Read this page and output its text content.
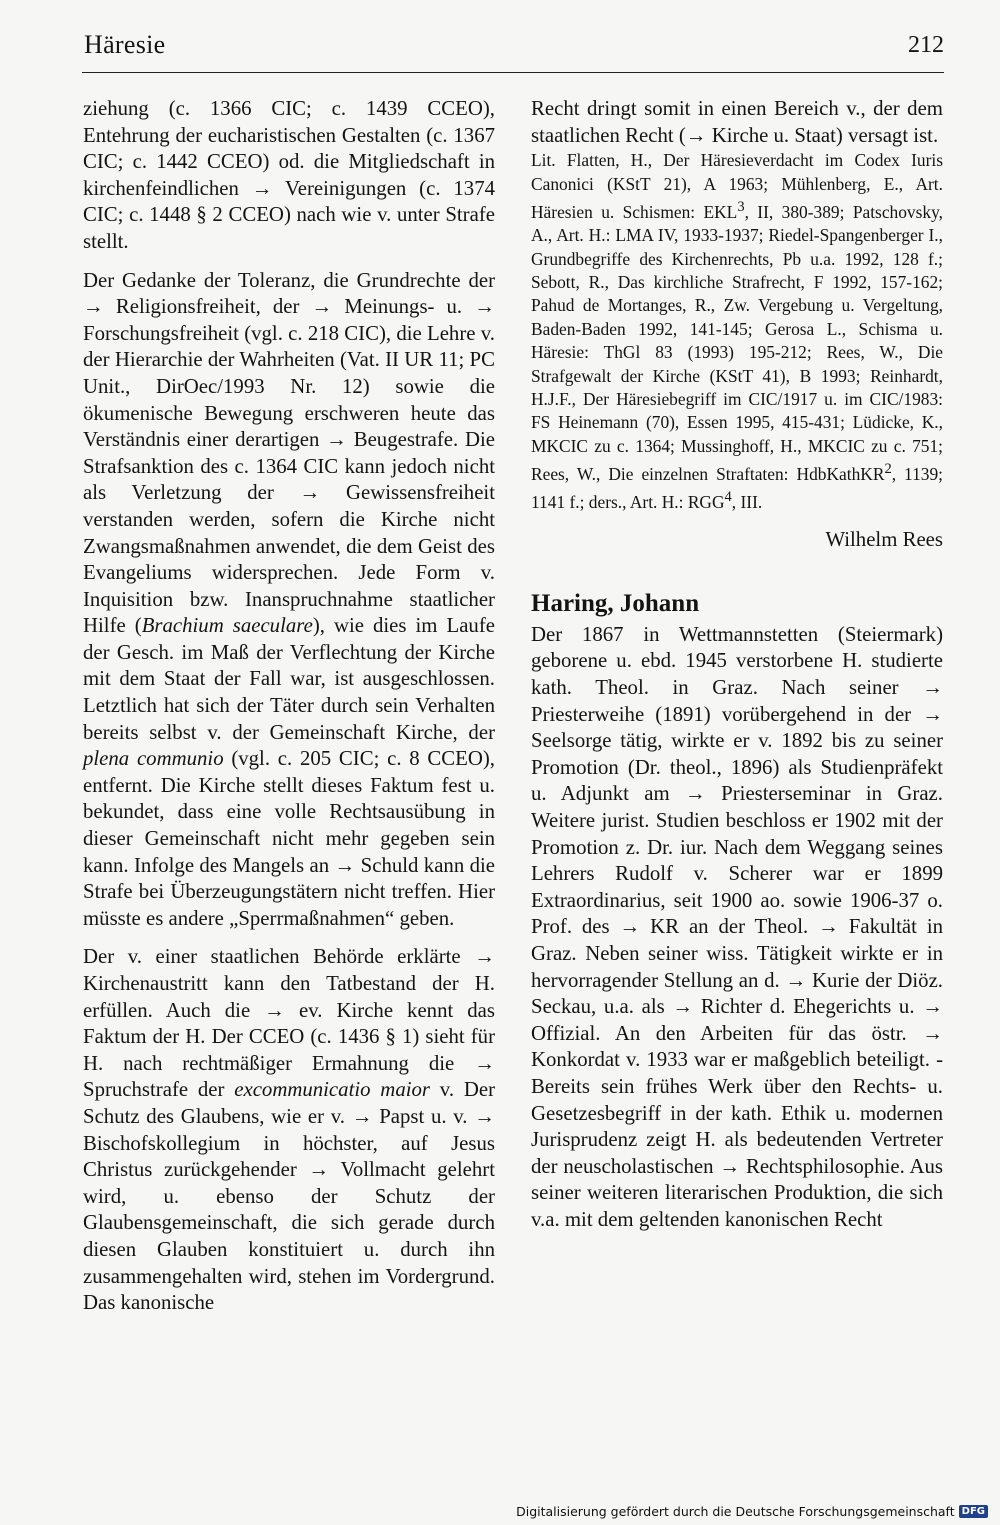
Häresie	212

ziehung (c. 1366 CIC; c. 1439 CCEO), Entehrung der eucharistischen Gestalten (c. 1367 CIC; c. 1442 CCEO) od. die Mitgliedschaft in kirchenfeindlichen → Vereinigungen (c. 1374 CIC; c. 1448 § 2 CCEO) nach wie v. unter Strafe stellt.

Der Gedanke der Toleranz, die Grundrechte der → Religionsfreiheit, der → Meinungs- u. → Forschungsfreiheit (vgl. c. 218 CIC), die Lehre v. der Hierarchie der Wahrheiten (Vat. II UR 11; PC Unit., DirOec/1993 Nr. 12) sowie die ökumenische Bewegung erschweren heute das Verständnis einer derartigen → Beugestrafe. Die Strafsanktion des c. 1364 CIC kann jedoch nicht als Verletzung der → Gewissensfreiheit verstanden werden, sofern die Kirche nicht Zwangsmaßnahmen anwendet, die dem Geist des Evangeliums widersprechen. Jede Form v. Inquisition bzw. Inanspruchnahme staatlicher Hilfe (Brachium saeculare), wie dies im Laufe der Gesch. im Maß der Verflechtung der Kirche mit dem Staat der Fall war, ist ausgeschlossen. Letztlich hat sich der Täter durch sein Verhalten bereits selbst v. der Gemeinschaft Kirche, der plena communio (vgl. c. 205 CIC; c. 8 CCEO), entfernt. Die Kirche stellt dieses Faktum fest u. bekundet, dass eine volle Rechtsausübung in dieser Gemeinschaft nicht mehr gegeben sein kann. Infolge des Mangels an → Schuld kann die Strafe bei Überzeugungstätern nicht treffen. Hier müsste es andere „Sperrmaßnahmen“ geben.

Der v. einer staatlichen Behörde erklärte → Kirchenaustritt kann den Tatbestand der H. erfüllen. Auch die → ev. Kirche kennt das Faktum der H. Der CCEO (c. 1436 § 1) sieht für H. nach rechtmäßiger Ermahnung die → Spruchstrafe der excommunicatio maior v. Der Schutz des Glaubens, wie er v. → Papst u. v. → Bischofskollegium in höchster, auf Jesus Christus zurückgehender → Vollmacht gelehrt wird, u. ebenso der Schutz der Glaubensgemeinschaft, die sich gerade durch diesen Glauben konstituiert u. durch ihn zusammengehalten wird, stehen im Vordergrund. Das kanonische

Recht dringt somit in einen Bereich v., der dem staatlichen Recht (→ Kirche u. Staat) versagt ist.

Lit. Flatten, H., Der Häresieverdacht im Codex Iuris Canonici (KStT 21), A 1963; Mühlenberg, E., Art. Häresien u. Schismen: EKL$^3$, II, 380-389; Patschovsky, A., Art. H.: LMA IV, 1933-1937; Riedel-Spangenberger I., Grundbegriffe des Kirchenrechts, Pb u.a. 1992, 128 f.; Sebott, R., Das kirchliche Strafrecht, F 1992, 157-162; Pahud de Mortanges, R., Zw. Vergebung u. Vergeltung, Baden-Baden 1992, 141-145; Gerosa L., Schisma u. Häresie: ThGl 83 (1993) 195-212; Rees, W., Die Strafgewalt der Kirche (KStT 41), B 1993; Reinhardt, H.J.F., Der Häresiebegriff im CIC/1917 u. im CIC/1983: FS Heinemann (70), Essen 1995, 415-431; Lüdicke, K., MKCIC zu c. 1364; Mussinghoff, H., MKCIC zu c. 751; Rees, W., Die einzelnen Straftaten: HdbKathKR$^2$, 1139; 1141 f.; ders., Art. H.: RGG$^4$, III.

Wilhelm Rees
Haring, Johann

Der 1867 in Wettmannstetten (Steiermark) geborene u. ebd. 1945 verstorbene H. studierte kath. Theol. in Graz. Nach seiner → Priesterweihe (1891) vorübergehend in der → Seelsorge tätig, wirkte er v. 1892 bis zu seiner Promotion (Dr. theol., 1896) als Studienpräfekt u. Adjunkt am → Priesterseminar in Graz. Weitere jurist. Studien beschloss er 1902 mit der Promotion z. Dr. iur. Nach dem Weggang seines Lehrers Rudolf v. Scherer war er 1899 Extraordinarius, seit 1900 ao. sowie 1906-37 o. Prof. des → KR an der Theol. → Fakultät in Graz. Neben seiner wiss. Tätigkeit wirkte er in hervorragender Stellung an d. → Kurie der Diöz. Seckau, u.a. als → Richter d. Ehegerichts u. → Offizial. An den Arbeiten für das östr. → Konkordat v. 1933 war er maßgeblich beteiligt. - Bereits sein frühes Werk über den Rechts- u. Gesetzesbegriff in der kath. Ethik u. modernen Jurisprudenz zeigt H. als bedeutenden Vertreter der neuscholastischen → Rechtsphilosophie. Aus seiner weiteren literarischen Produktion, die sich v.a. mit dem geltenden kanonischen Recht

Digitalisierung gefördert durch die Deutsche Forschungsgemeinschaft DFG
